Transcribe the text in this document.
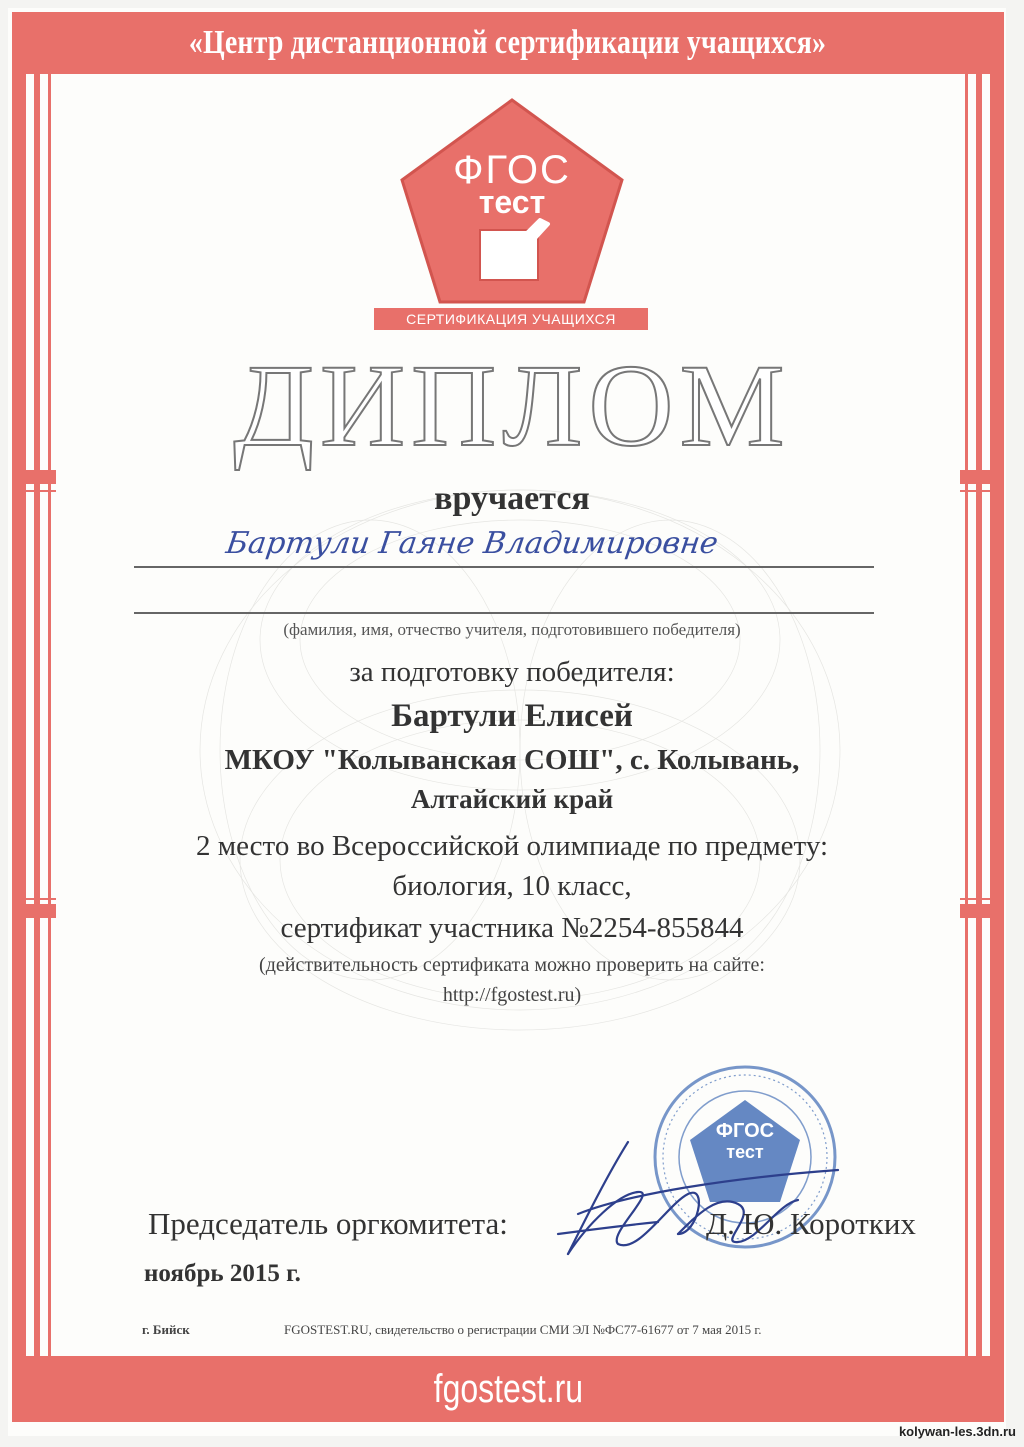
«Центр дистанционной сертификации учащихся»
ФГОС
тест
СЕРТИФИКАЦИЯ УЧАЩИХСЯ
ДИПЛОМ
вручается
Бартули Гаяне Владимировне
(фамилия, имя, отчество учителя, подготовившего победителя)
за подготовку победителя:
Бартули Елисей
МКОУ "Колыванская СОШ", с. Колывань,
Алтайский край
2 место во Всероссийской олимпиаде по предмету:
биология, 10 класс,
сертификат участника №2254-855844
(действительность сертификата можно проверить на сайте:
http://fgostest.ru)
ФГОС
тест
Председатель оргкомитета:	Д. Ю. Коротких
ноябрь 2015 г.
г. Бийск	FGOSTEST.RU, свидетельство о регистрации СМИ ЭЛ №ФС77-61677 от 7 мая 2015 г.
fgostest.ru
kolywan-les.3dn.ru
